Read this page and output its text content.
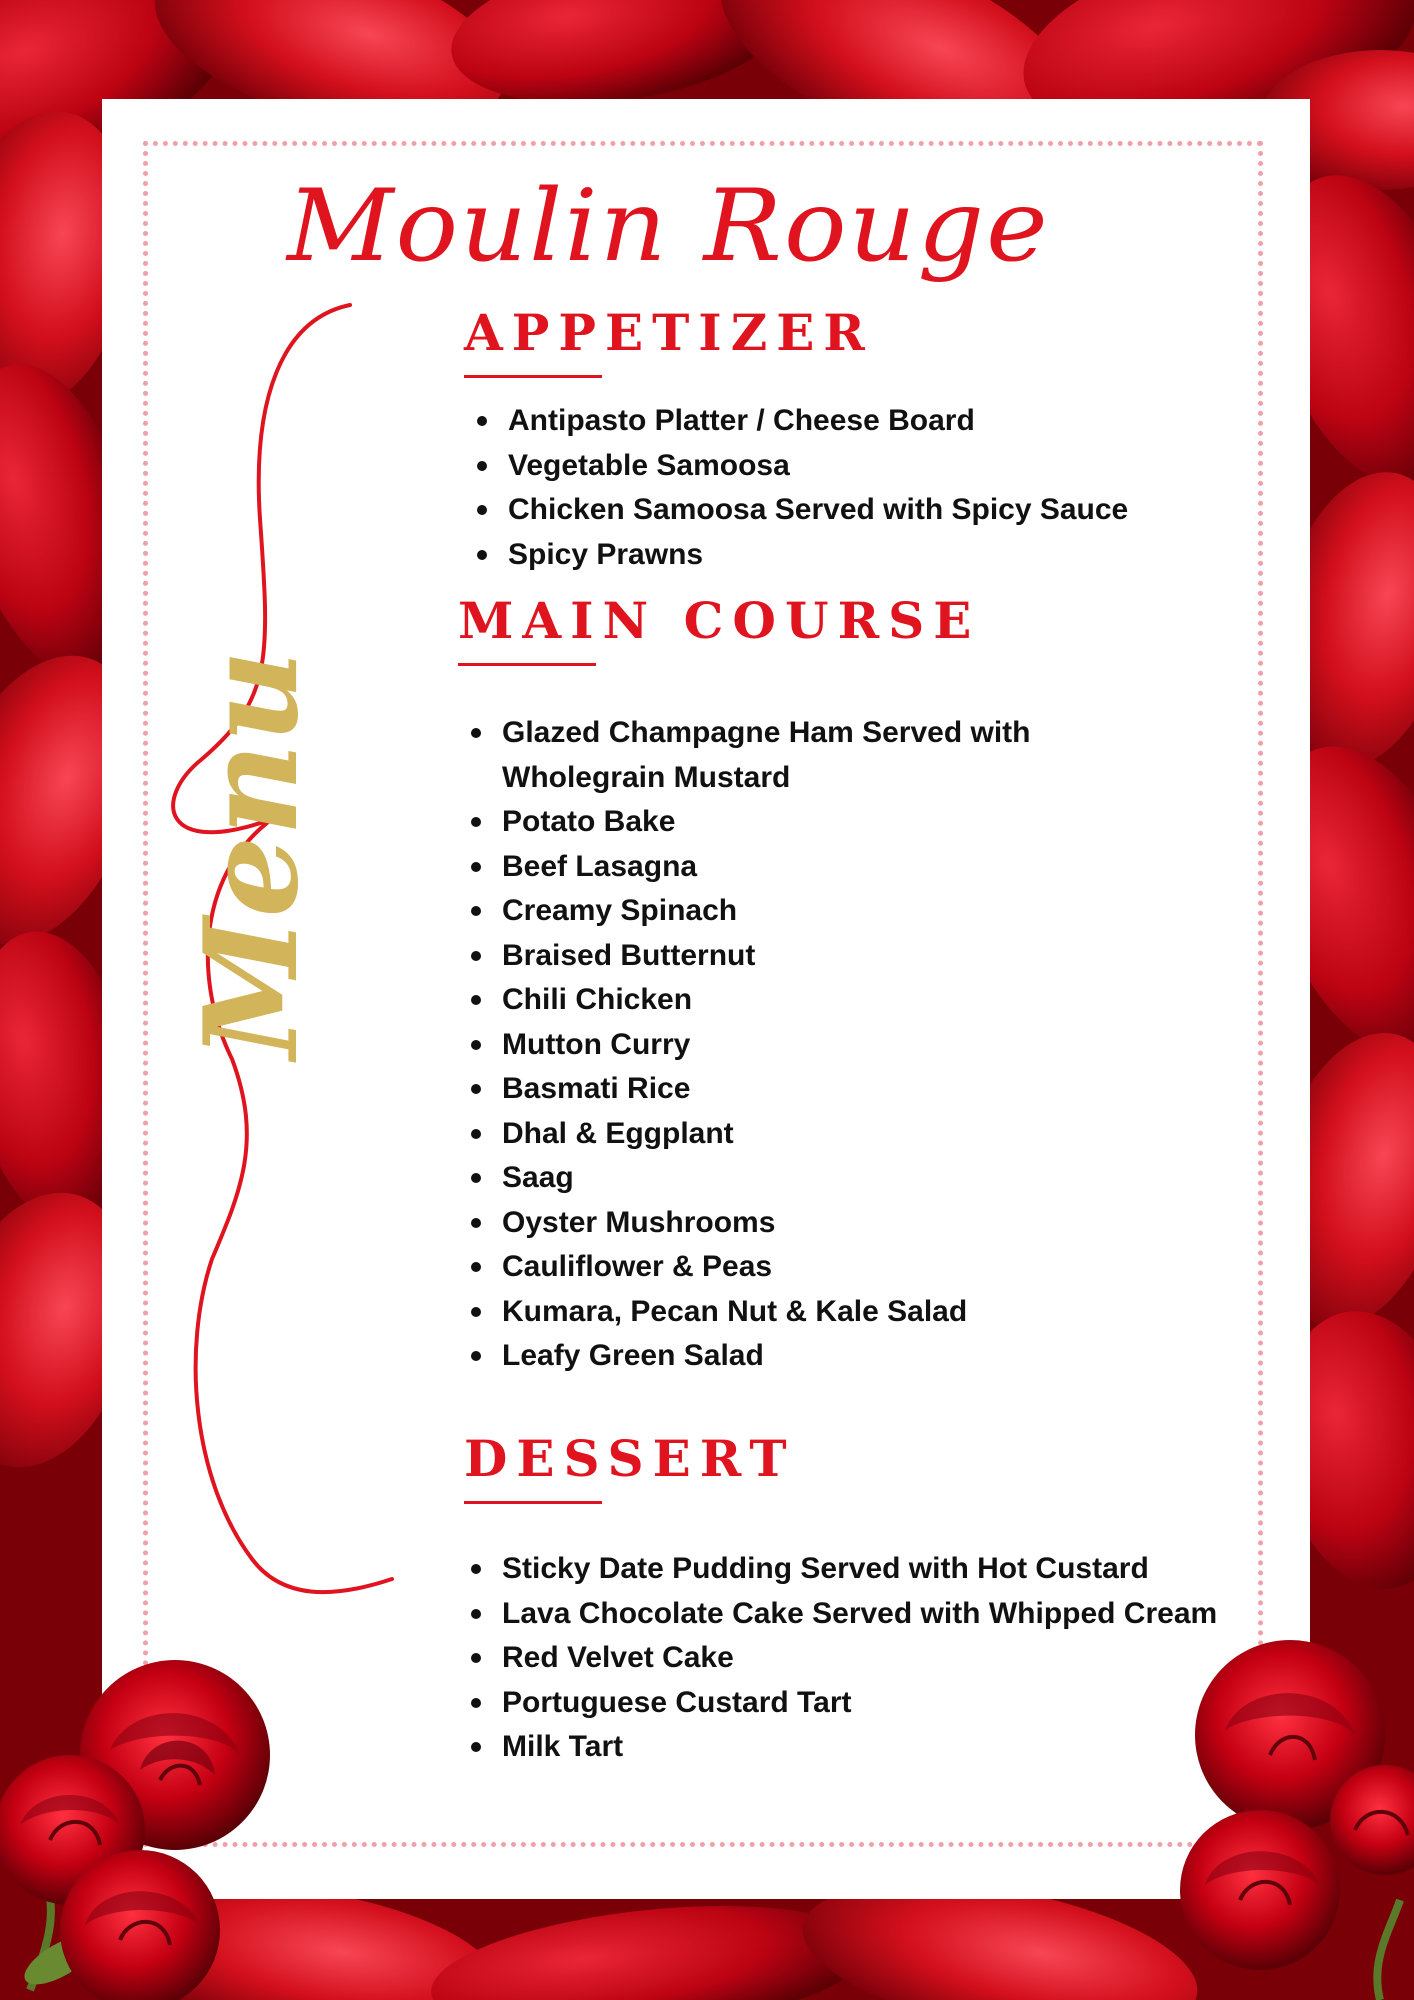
Moulin Rouge
Menu
APPETIZER
Antipasto Platter / Cheese Board
Vegetable Samoosa
Chicken Samoosa Served with Spicy Sauce
Spicy Prawns
MAIN COURSE
Glazed Champagne Ham Served with Wholegrain Mustard
Potato Bake
Beef Lasagna
Creamy Spinach
Braised Butternut
Chili Chicken
Mutton Curry
Basmati Rice
Dhal & Eggplant
Saag
Oyster Mushrooms
Cauliflower & Peas
Kumara, Pecan Nut & Kale Salad
Leafy Green Salad
DESSERT
Sticky Date Pudding Served with Hot Custard
Lava Chocolate Cake Served with Whipped Cream
Red Velvet Cake
Portuguese Custard Tart
Milk Tart
